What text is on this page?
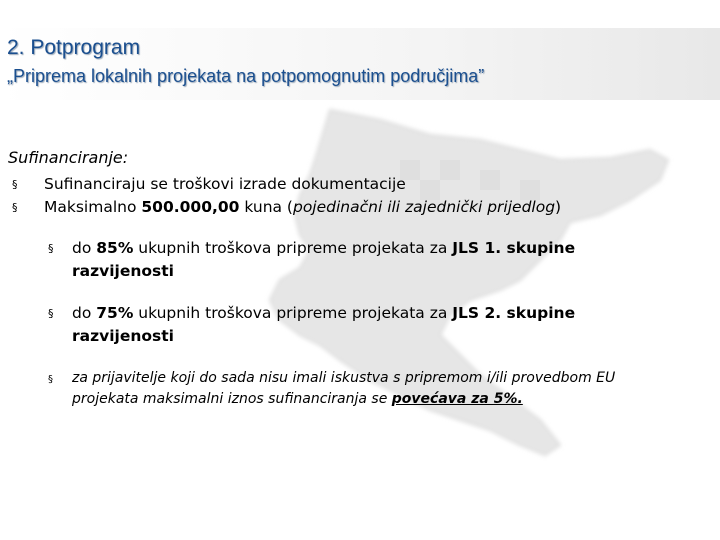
2. Potprogram
„Priprema lokalnih projekata na potpomognutim područjima”
Sufinanciranje:
§ Sufinanciraju se troškovi izrade dokumentacije
§ Maksimalno 500.000,00 kuna (pojedinačni ili zajednički prijedlog)
§ do 85% ukupnih troškova pripreme projekata za JLS 1. skupine
razvijenosti
§ do 75% ukupnih troškova pripreme projekata za JLS 2. skupine
razvijenosti
§ za prijavitelje koji do sada nisu imali iskustva s pripremom i/ili provedbom EU
projekata maksimalni iznos sufinanciranja se povećava za 5%.
